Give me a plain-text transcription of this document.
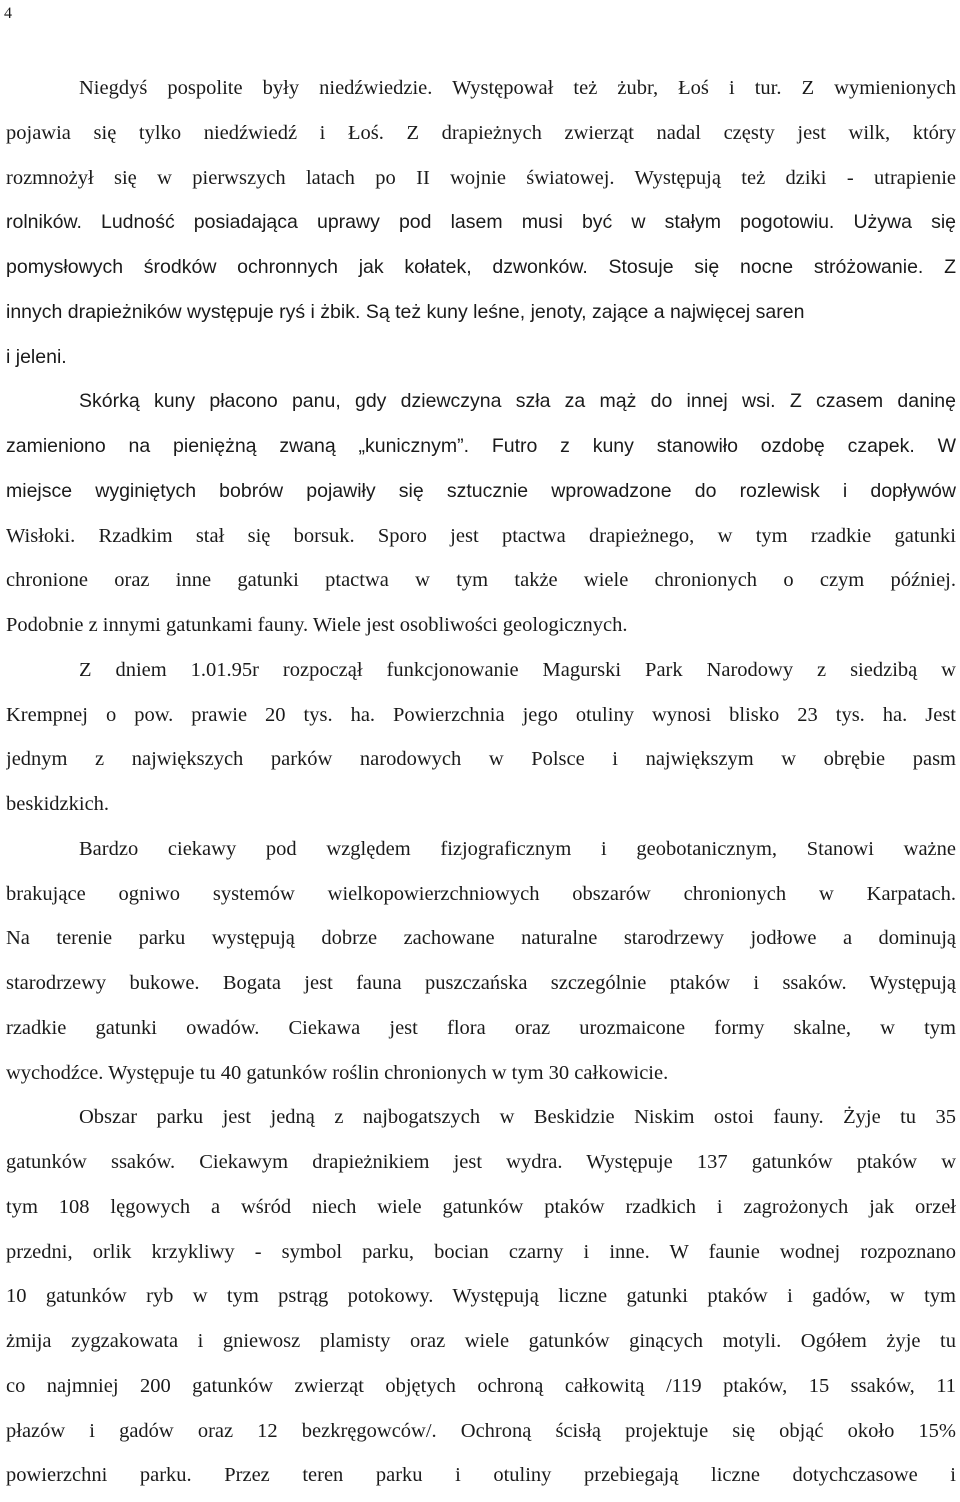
4
Niegdyś pospolite były niedźwiedzie. Występował też żubr, Łoś i tur. Z wymienionych
pojawia się tylko niedźwiedź i Łoś. Z drapieżnych zwierząt nadal częsty jest wilk, który
rozmnożył się w pierwszych latach po II wojnie światowej. Występują też dziki - utrapienie
rolników. Ludność posiadająca uprawy pod lasem musi być w stałym pogotowiu. Używa się
pomysłowych środków ochronnych jak kołatek, dzwonków. Stosuje się nocne stróżowanie. Z
innych drapieżników występuje ryś i żbik. Są też kuny leśne, jenoty, zające a najwięcej saren
i jeleni.
Skórką kuny płacono panu, gdy dziewczyna szła za mąż do innej wsi. Z czasem daninę
zamieniono na pieniężną zwaną „kunicznym”. Futro z kuny stanowiło ozdobę czapek. W
miejsce wyginiętych bobrów pojawiły się sztucznie wprowadzone do rozlewisk i dopływów
Wisłoki. Rzadkim stał się borsuk. Sporo jest ptactwa drapieżnego, w tym rzadkie gatunki
chronione oraz inne gatunki ptactwa w tym także wiele chronionych o czym później.
Podobnie z innymi gatunkami fauny. Wiele jest osobliwości geologicznych.
Z dniem 1.01.95r rozpoczął funkcjonowanie Magurski Park Narodowy z siedzibą w
Krempnej o pow. prawie 20 tys. ha. Powierzchnia jego otuliny wynosi blisko 23 tys. ha. Jest
jednym z największych parków narodowych w Polsce i największym w obrębie pasm
beskidzkich.
Bardzo ciekawy pod względem fizjograficznym i geobotanicznym, Stanowi ważne
brakujące ogniwo systemów wielkopowierzchniowych obszarów chronionych w Karpatach.
Na terenie parku występują dobrze zachowane naturalne starodrzewy jodłowe a dominują
starodrzewy bukowe. Bogata jest fauna puszczańska szczególnie ptaków i ssaków. Występują
rzadkie gatunki owadów. Ciekawa jest flora oraz urozmaicone formy skalne, w tym
wychodźce. Występuje tu 40 gatunków roślin chronionych w tym 30 całkowicie.
Obszar parku jest jedną z najbogatszych w Beskidzie Niskim ostoi fauny. Żyje tu 35
gatunków ssaków. Ciekawym drapieżnikiem jest wydra. Występuje 137 gatunków ptaków w
tym 108 lęgowych a wśród niech wiele gatunków ptaków rzadkich i zagrożonych jak orzeł
przedni, orlik krzykliwy - symbol parku, bocian czarny i inne. W faunie wodnej rozpoznano
10 gatunków ryb w tym pstrąg potokowy. Występują liczne gatunki ptaków i gadów, w tym
żmija zygzakowata i gniewosz plamisty oraz wiele gatunków ginących motyli. Ogółem żyje tu
co najmniej 200 gatunków zwierząt objętych ochroną całkowitą /119 ptaków, 15 ssaków, 11
płazów i gadów oraz 12 bezkręgowców/. Ochroną ścisłą projektuje się objąć około 15%
powierzchni parku. Przez teren parku i otuliny przebiegają liczne dotychczasowe i
